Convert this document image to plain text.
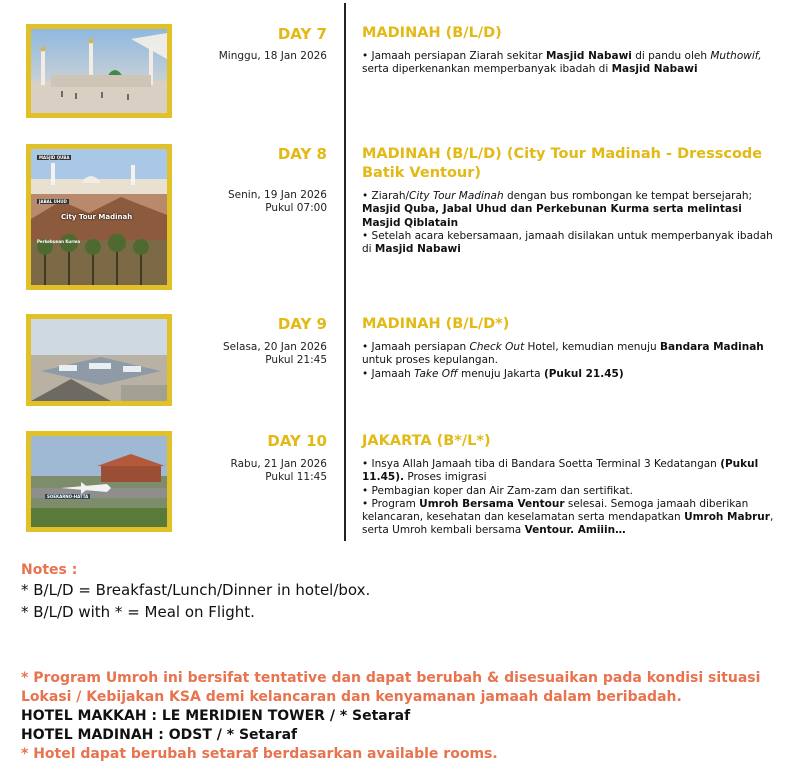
DAY 7
Minggu, 18 Jan 2026
MADINAH (B/L/D)

• Jamaah persiapan Ziarah sekitar Masjid Nabawi di pandu oleh Muthowif, serta diperkenankan memperbanyak ibadah di Masjid Nabawi

MASJID QUBA
City Tour Madinah
JABAL UHUD
Perkebunan Kurma
DAY 8
Senin, 19 Jan 2026
Pukul 07:00
MADINAH (B/L/D) (City Tour Madinah - Dresscode Batik Ventour)

• Ziarah/City Tour Madinah dengan bus rombongan ke tempat bersejarah; Masjid Quba, Jabal Uhud dan Perkebunan Kurma serta melintasi Masjid Qiblatain

• Setelah acara kebersamaan, jamaah disilakan untuk memperbanyak ibadah di Masjid Nabawi

DAY 9
Selasa, 20 Jan 2026
Pukul 21:45
MADINAH (B/L/D*)

• Jamaah persiapan Check Out Hotel, kemudian menuju Bandara Madinah untuk proses kepulangan.

• Jamaah Take Off menuju Jakarta (Pukul 21.45)

SOEKARNO-HATTA
DAY 10
Rabu, 21 Jan 2026
Pukul 11:45
JAKARTA (B*/L*)

• Insya Allah Jamaah tiba di Bandara Soetta Terminal 3 Kedatangan (Pukul 11.45). Proses imigrasi

• Pembagian koper dan Air Zam-zam dan sertifikat.

• Program Umroh Bersama Ventour selesai. Semoga jamaah diberikan kelancaran, kesehatan dan keselamatan serta mendapatkan Umroh Mabrur, serta Umroh kembali bersama Ventour. Amiiin…

Notes :
* B/L/D = Breakfast/Lunch/Dinner in hotel/box.
* B/L/D with * = Meal on Flight.
* Program Umroh ini bersifat tentative dan dapat berubah & disesuaikan pada kondisi situasi Lokasi / Kebijakan KSA demi kelancaran dan kenyamanan jamaah dalam beribadah.
HOTEL MAKKAH : LE MERIDIEN TOWER / * Setaraf
HOTEL MADINAH : ODST / * Setaraf
* Hotel dapat berubah setaraf berdasarkan available rooms.
